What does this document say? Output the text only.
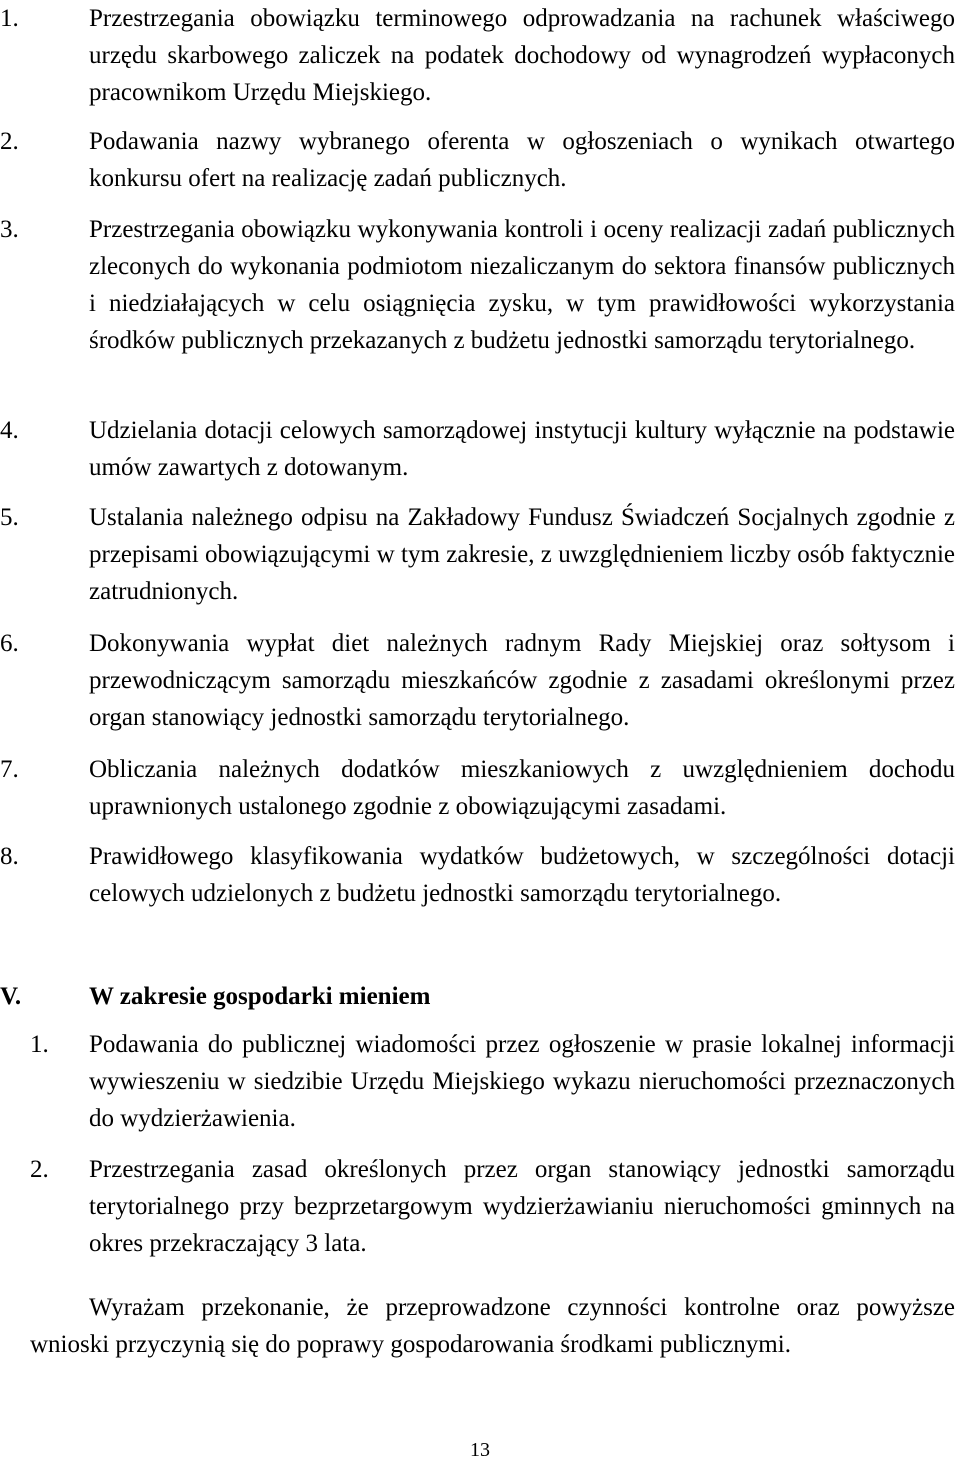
1.	Przestrzegania obowiązku terminowego odprowadzania na rachunek właściwego urzędu skarbowego zaliczek na podatek dochodowy od wynagrodzeń wypłaconych pracownikom Urzędu Miejskiego.
2.	Podawania nazwy wybranego oferenta w ogłoszeniach o wynikach otwartego konkursu ofert na realizację zadań publicznych.
3.	Przestrzegania obowiązku wykonywania kontroli i oceny realizacji zadań publicznych zleconych do wykonania podmiotom niezaliczanym do sektora finansów publicznych i niedziałających w celu osiągnięcia zysku, w tym prawidłowości wykorzystania środków publicznych przekazanych z budżetu jednostki samorządu terytorialnego.
4.	Udzielania dotacji celowych samorządowej instytucji kultury wyłącznie na podstawie umów zawartych z dotowanym.
5.	Ustalania należnego odpisu na Zakładowy Fundusz Świadczeń Socjalnych zgodnie z przepisami obowiązującymi w tym zakresie, z uwzględnieniem liczby osób faktycznie zatrudnionych.
6.	Dokonywania wypłat diet należnych radnym Rady Miejskiej oraz sołtysom i przewodniczącym samorządu mieszkańców zgodnie z zasadami określonymi przez organ stanowiący jednostki samorządu terytorialnego.
7.	Obliczania należnych dodatków mieszkaniowych z uwzględnieniem dochodu uprawnionych ustalonego zgodnie z obowiązującymi zasadami.
8.	Prawidłowego klasyfikowania wydatków budżetowych, w szczególności dotacji celowych udzielonych z budżetu jednostki samorządu terytorialnego.
V.	W zakresie gospodarki mieniem
1.	Podawania do publicznej wiadomości przez ogłoszenie w prasie lokalnej informacji wywieszeniu w siedzibie Urzędu Miejskiego wykazu nieruchomości przeznaczonych do wydzierżawienia.
2.	Przestrzegania zasad określonych przez organ stanowiący jednostki samorządu terytorialnego przy bezprzetargowym wydzierżawianiu nieruchomości gminnych na okres przekraczający 3 lata.
Wyrażam przekonanie, że przeprowadzone czynności kontrolne oraz powyższe wnioski przyczynią się do poprawy gospodarowania środkami publicznymi.
13
